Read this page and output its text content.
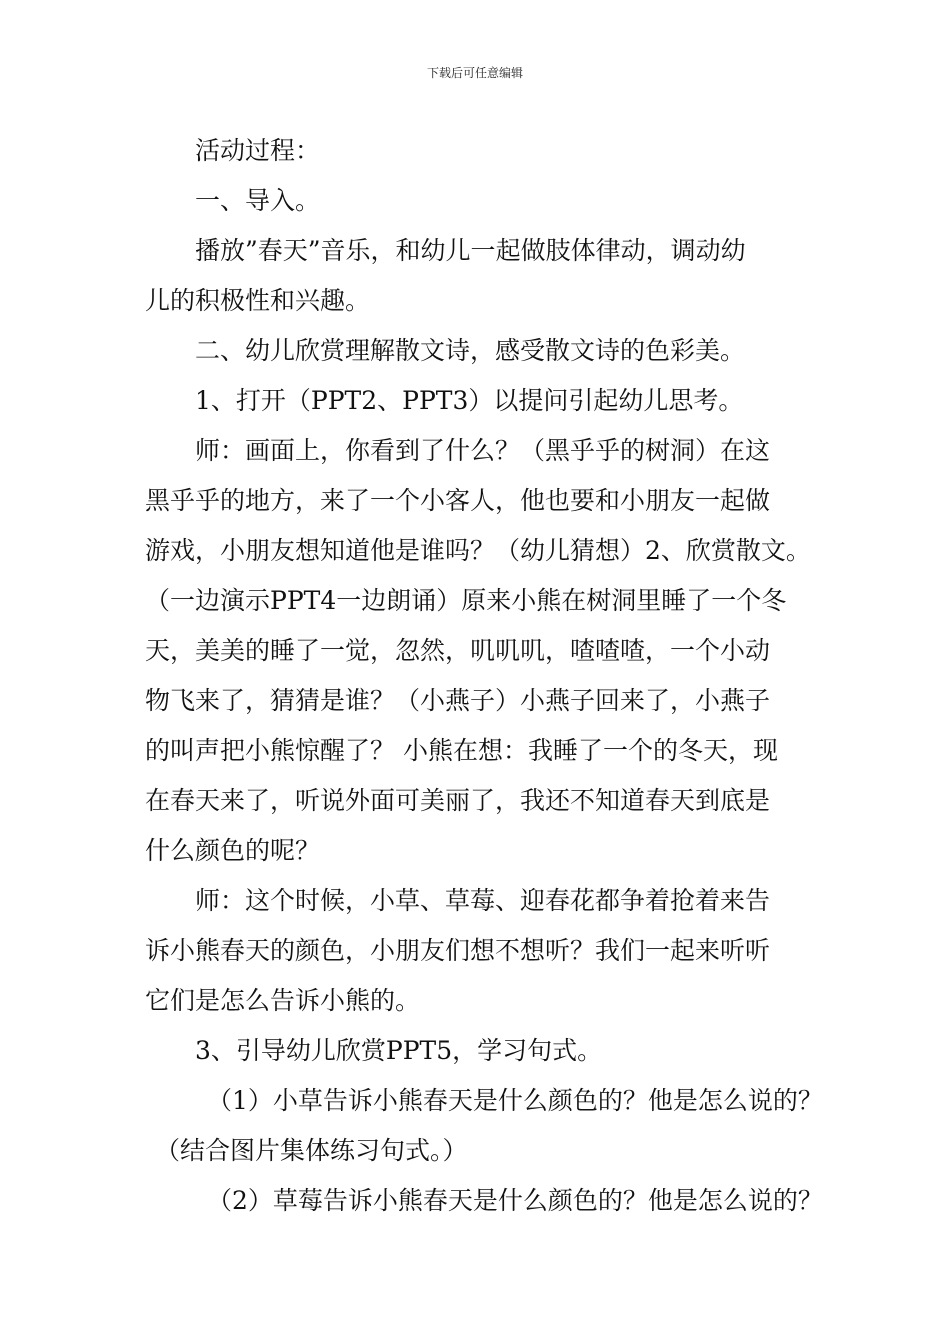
下载后可任意编辑
活动过程：
一、导入。
播放”春天”音乐，和幼儿一起做肢体律动，调动幼
儿的积极性和兴趣。
二、幼儿欣赏理解散文诗，感受散文诗的色彩美。
1、打开（PPT2、PPT3）以提问引起幼儿思考。
师：画面上，你看到了什么？（黑乎乎的树洞）在这
黑乎乎的地方，来了一个小客人，他也要和小朋友一起做
游戏，小朋友想知道他是谁吗？（幼儿猜想）2、欣赏散文。
（一边演示PPT4一边朗诵）原来小熊在树洞里睡了一个冬
天，美美的睡了一觉，忽然，叽叽叽，喳喳喳，一个小动
物飞来了，猜猜是谁？（小燕子）小燕子回来了，小燕子
的叫声把小熊惊醒了？ 小熊在想：我睡了一个的冬天，现
在春天来了，听说外面可美丽了，我还不知道春天到底是
什么颜色的呢？
师：这个时候，小草、草莓、迎春花都争着抢着来告
诉小熊春天的颜色，小朋友们想不想听？我们一起来听听
它们是怎么告诉小熊的。
3、引导幼儿欣赏PPT5，学习句式。
（1）小草告诉小熊春天是什么颜色的？他是怎么说的？
（结合图片集体练习句式。）
（2）草莓告诉小熊春天是什么颜色的？他是怎么说的？
